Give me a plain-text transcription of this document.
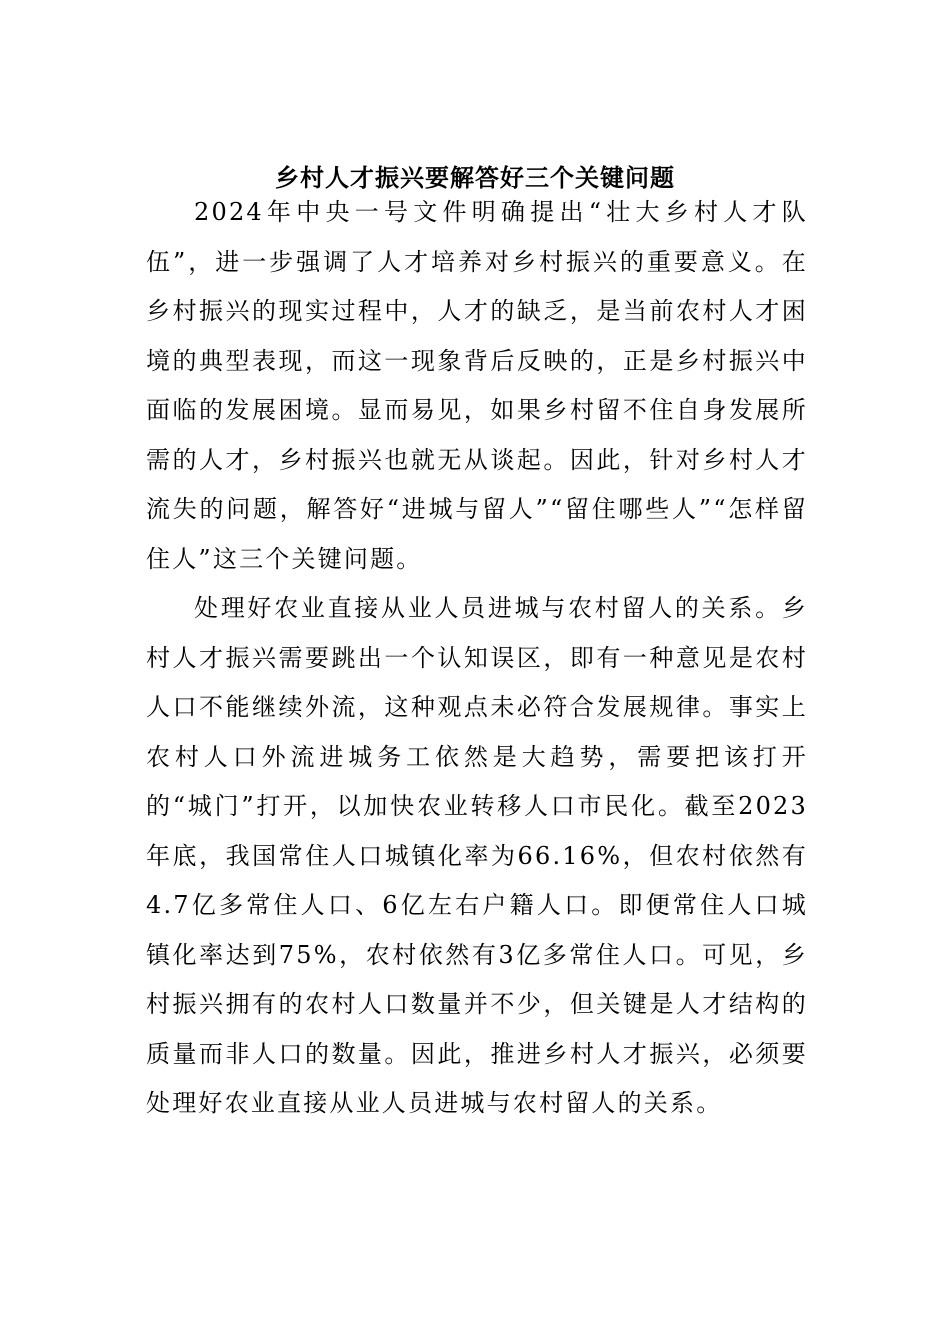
乡村人才振兴要解答好三个关键问题

2024年中央一号文件明确提出“壮大乡村人才队伍”，进一步强调了人才培养对乡村振兴的重要意义。在乡村振兴的现实过程中，人才的缺乏，是当前农村人才困境的典型表现，而这一现象背后反映的，正是乡村振兴中面临的发展困境。显而易见，如果乡村留不住自身发展所需的人才，乡村振兴也就无从谈起。因此，针对乡村人才流失的问题，解答好“进城与留人”“留住哪些人”“怎样留住人”这三个关键问题。

处理好农业直接从业人员进城与农村留人的关系。乡村人才振兴需要跳出一个认知误区，即有一种意见是农村人口不能继续外流，这种观点未必符合发展规律。事实上农村人口外流进城务工依然是大趋势，需要把该打开的“城门”打开，以加快农业转移人口市民化。截至2023年底，我国常住人口城镇化率为66.16%，但农村依然有4.7亿多常住人口、6亿左右户籍人口。即便常住人口城镇化率达到75%，农村依然有3亿多常住人口。可见，乡村振兴拥有的农村人口数量并不少，但关键是人才结构的质量而非人口的数量。因此，推进乡村人才振兴，必须要处理好农业直接从业人员进城与农村留人的关系。
